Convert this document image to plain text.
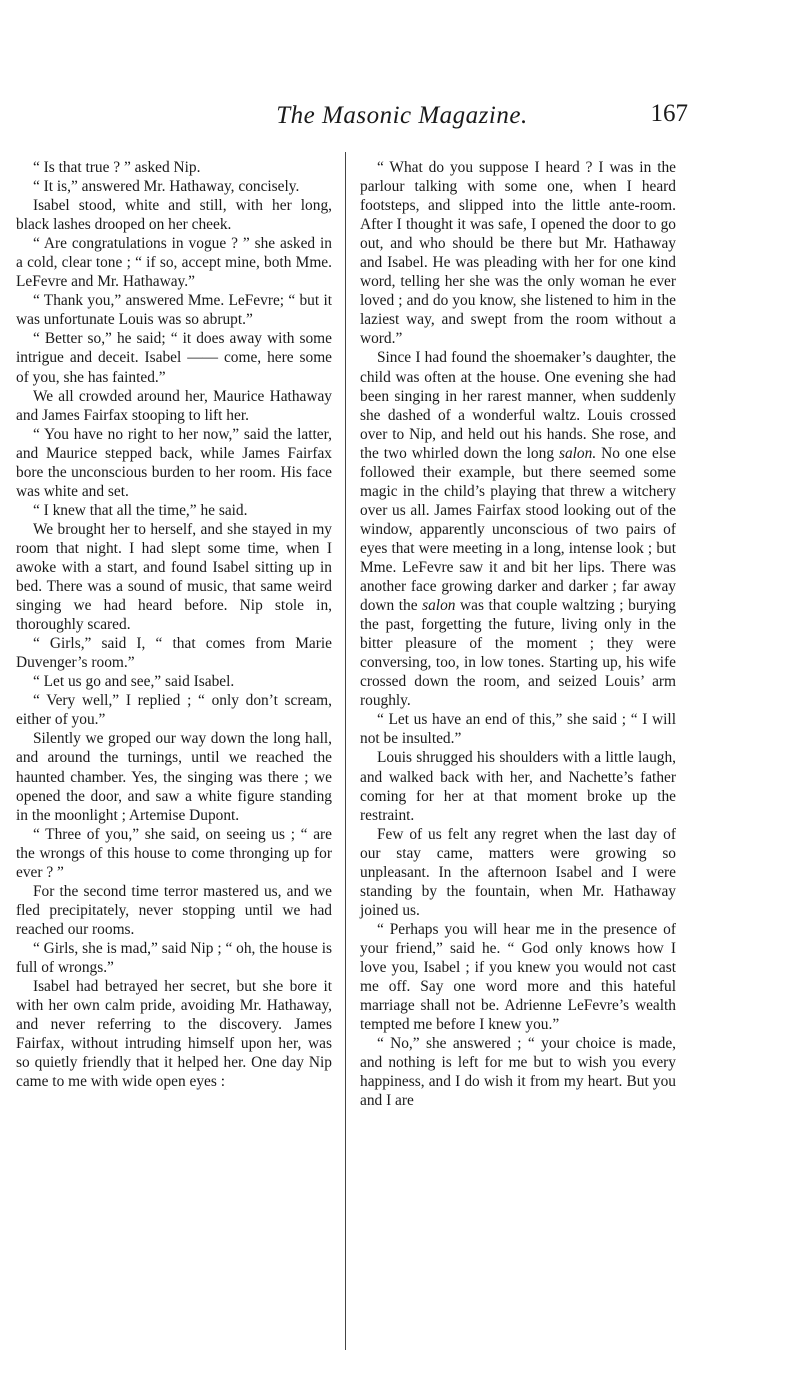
The Masonic Magazine.	167

“ Is that true ? ” asked Nip.

“ It is,” answered Mr. Hathaway, concisely.

Isabel stood, white and still, with her long, black lashes drooped on her cheek.

“ Are congratulations in vogue ? ” she asked in a cold, clear tone ; “ if so, accept mine, both Mme. LeFevre and Mr. Hathaway.”

“ Thank you,” answered Mme. LeFevre; “ but it was unfortunate Louis was so abrupt.”

“ Better so,” he said; “ it does away with some intrigue and deceit. Isabel —— come, here some of you, she has fainted.”

We all crowded around her, Maurice Hathaway and James Fairfax stooping to lift her.

“ You have no right to her now,” said the latter, and Maurice stepped back, while James Fairfax bore the unconscious burden to her room. His face was white and set.

“ I knew that all the time,” he said.

We brought her to herself, and she stayed in my room that night. I had slept some time, when I awoke with a start, and found Isabel sitting up in bed. There was a sound of music, that same weird singing we had heard before. Nip stole in, thoroughly scared.

“ Girls,” said I, “ that comes from Marie Duvenger’s room.”

“ Let us go and see,” said Isabel.

“ Very well,” I replied ; “ only don’t scream, either of you.”

Silently we groped our way down the long hall, and around the turnings, until we reached the haunted chamber. Yes, the singing was there ; we opened the door, and saw a white figure standing in the moonlight ; Artemise Dupont.

“ Three of you,” she said, on seeing us ; “ are the wrongs of this house to come thronging up for ever ? ”

For the second time terror mastered us, and we fled precipitately, never stopping until we had reached our rooms.

“ Girls, she is mad,” said Nip ; “ oh, the house is full of wrongs.”

Isabel had betrayed her secret, but she bore it with her own calm pride, avoiding Mr. Hathaway, and never referring to the discovery. James Fairfax, without intruding himself upon her, was so quietly friendly that it helped her. One day Nip came to me with wide open eyes :

“ What do you suppose I heard ? I was in the parlour talking with some one, when I heard footsteps, and slipped into the little ante-room. After I thought it was safe, I opened the door to go out, and who should be there but Mr. Hathaway and Isabel. He was pleading with her for one kind word, telling her she was the only woman he ever loved ; and do you know, she listened to him in the laziest way, and swept from the room without a word.”

Since I had found the shoemaker’s daughter, the child was often at the house. One evening she had been singing in her rarest manner, when suddenly she dashed of a wonderful waltz. Louis crossed over to Nip, and held out his hands. She rose, and the two whirled down the long salon. No one else followed their example, but there seemed some magic in the child’s playing that threw a witchery over us all. James Fairfax stood looking out of the window, apparently unconscious of two pairs of eyes that were meeting in a long, intense look ; but Mme. LeFevre saw it and bit her lips. There was another face growing darker and darker ; far away down the salon was that couple waltzing ; burying the past, forgetting the future, living only in the bitter pleasure of the moment ; they were conversing, too, in low tones. Starting up, his wife crossed down the room, and seized Louis’ arm roughly.

“ Let us have an end of this,” she said ; “ I will not be insulted.”

Louis shrugged his shoulders with a little laugh, and walked back with her, and Nachette’s father coming for her at that moment broke up the restraint.

Few of us felt any regret when the last day of our stay came, matters were growing so unpleasant. In the afternoon Isabel and I were standing by the fountain, when Mr. Hathaway joined us.

“ Perhaps you will hear me in the presence of your friend,” said he. “ God only knows how I love you, Isabel ; if you knew you would not cast me off. Say one word more and this hateful marriage shall not be. Adrienne LeFevre’s wealth tempted me before I knew you.”

“ No,” she answered ; “ your choice is made, and nothing is left for me but to wish you every happiness, and I do wish it from my heart. But you and I are
